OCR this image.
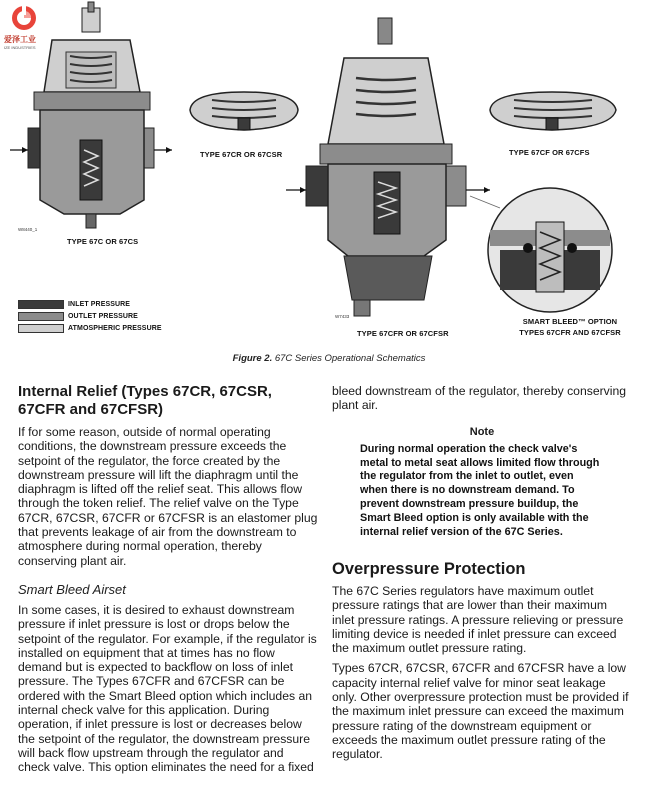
爱泽工业
IZE INDUSTRIES
TYPE 67C OR 67CS
W8440_1
TYPE 67CR OR 67CSR	TYPE 67CF OR 67CFS
TYPE 67CFR OR 67CFSR
W7433
SMART BLEED™ OPTION
TYPES 67CFR AND 67CFSR
INLET PRESSURE
OUTLET PRESSURE
ATMOSPHERIC PRESSURE
Figure 2. 67C Series Operational Schematics
Internal Relief (Types 67CR, 67CSR, 67CFR and 67CFSR)

If for some reason, outside of normal operating conditions, the downstream pressure exceeds the setpoint of the regulator, the force created by the downstream pressure will lift the diaphragm until the diaphragm is lifted off the relief seat. This allows flow through the token relief. The relief valve on the Type 67CR, 67CSR, 67CFR or 67CFSR is an elastomer plug that prevents leakage of air from the downstream to atmosphere during normal operation, thereby conserving plant air.

Smart Bleed Airset

In some cases, it is desired to exhaust downstream pressure if inlet pressure is lost or drops below the setpoint of the regulator. For example, if the regulator is installed on equipment that at times has no flow demand but is expected to backflow on loss of inlet pressure. The Types 67CFR and 67CFSR can be ordered with the Smart Bleed option which includes an internal check valve for this application. During operation, if inlet pressure is lost or decreases below the setpoint of the regulator, the downstream pressure will back flow upstream through the regulator and check valve. This option eliminates the need for a fixed

bleed downstream of the regulator, thereby conserving plant air.

Note
During normal operation the check valve's metal to metal seat allows limited flow through the regulator from the inlet to outlet, even when there is no downstream demand. To prevent downstream pressure buildup, the Smart Bleed option is only available with the internal relief version of the 67C Series.
Overpressure Protection

The 67C Series regulators have maximum outlet pressure ratings that are lower than their maximum inlet pressure ratings. A pressure relieving or pressure limiting device is needed if inlet pressure can exceed the maximum outlet pressure rating.

Types 67CR, 67CSR, 67CFR and 67CFSR have a low capacity internal relief valve for minor seat leakage only. Other overpressure protection must be provided if the maximum inlet pressure can exceed the maximum pressure rating of the downstream equipment or exceeds the maximum outlet pressure rating of the regulator.
